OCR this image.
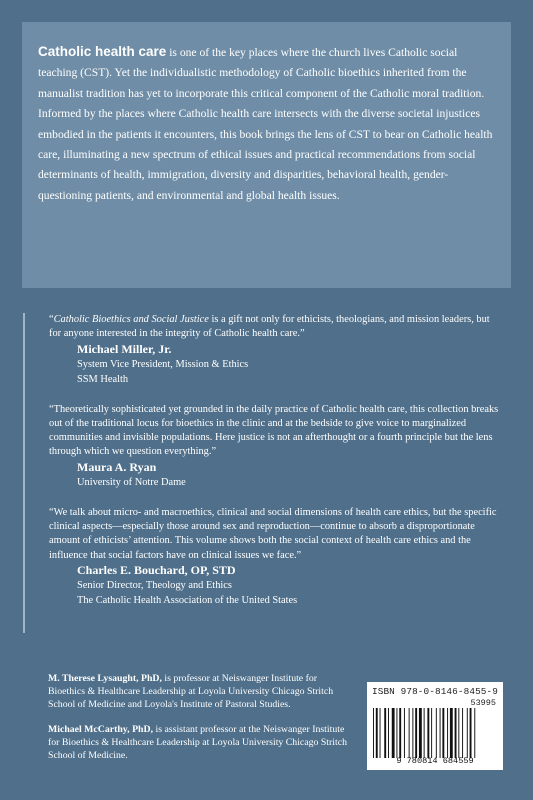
Catholic health care is one of the key places where the church lives Catholic social teaching (CST). Yet the individualistic methodology of Catholic bioethics inherited from the manualist tradition has yet to incorporate this critical component of the Catholic moral tradition. Informed by the places where Catholic health care intersects with the diverse societal injustices embodied in the patients it encounters, this book brings the lens of CST to bear on Catholic health care, illuminating a new spectrum of ethical issues and practical recommendations from social determinants of health, immigration, diversity and disparities, behavioral health, gender-questioning patients, and environmental and global health issues.

“Catholic Bioethics and Social Justice is a gift not only for ethicists, theologians, and mission leaders, but for anyone interested in the integrity of Catholic health care.”

Michael Miller, Jr.
System Vice President, Mission & Ethics
SSM Health

“Theoretically sophisticated yet grounded in the daily practice of Catholic health care, this collection breaks out of the traditional locus for bioethics in the clinic and at the bedside to give voice to marginalized communities and invisible populations. Here justice is not an afterthought or a fourth principle but the lens through which we question everything.”

Maura A. Ryan
University of Notre Dame

“We talk about micro- and macroethics, clinical and social dimensions of health care ethics, but the specific clinical aspects—especially those around sex and reproduction—continue to absorb a disproportionate amount of ethicists’ attention. This volume shows both the social context of health care ethics and the influence that social factors have on clinical issues we face.”

Charles E. Bouchard, OP, STD
Senior Director, Theology and Ethics
The Catholic Health Association of the United States

M. Therese Lysaught, PhD, is professor at Neiswanger Institute for Bioethics & Healthcare Leadership at Loyola University Chicago Stritch School of Medicine and Loyola's Institute of Pastoral Studies.

Michael McCarthy, PhD, is assistant professor at the Neiswanger Institute for Bioethics & Healthcare Leadership at Loyola University Chicago Stritch School of Medicine.

ISBN 978-0-8146-8455-9
53995
9 780814 684559
